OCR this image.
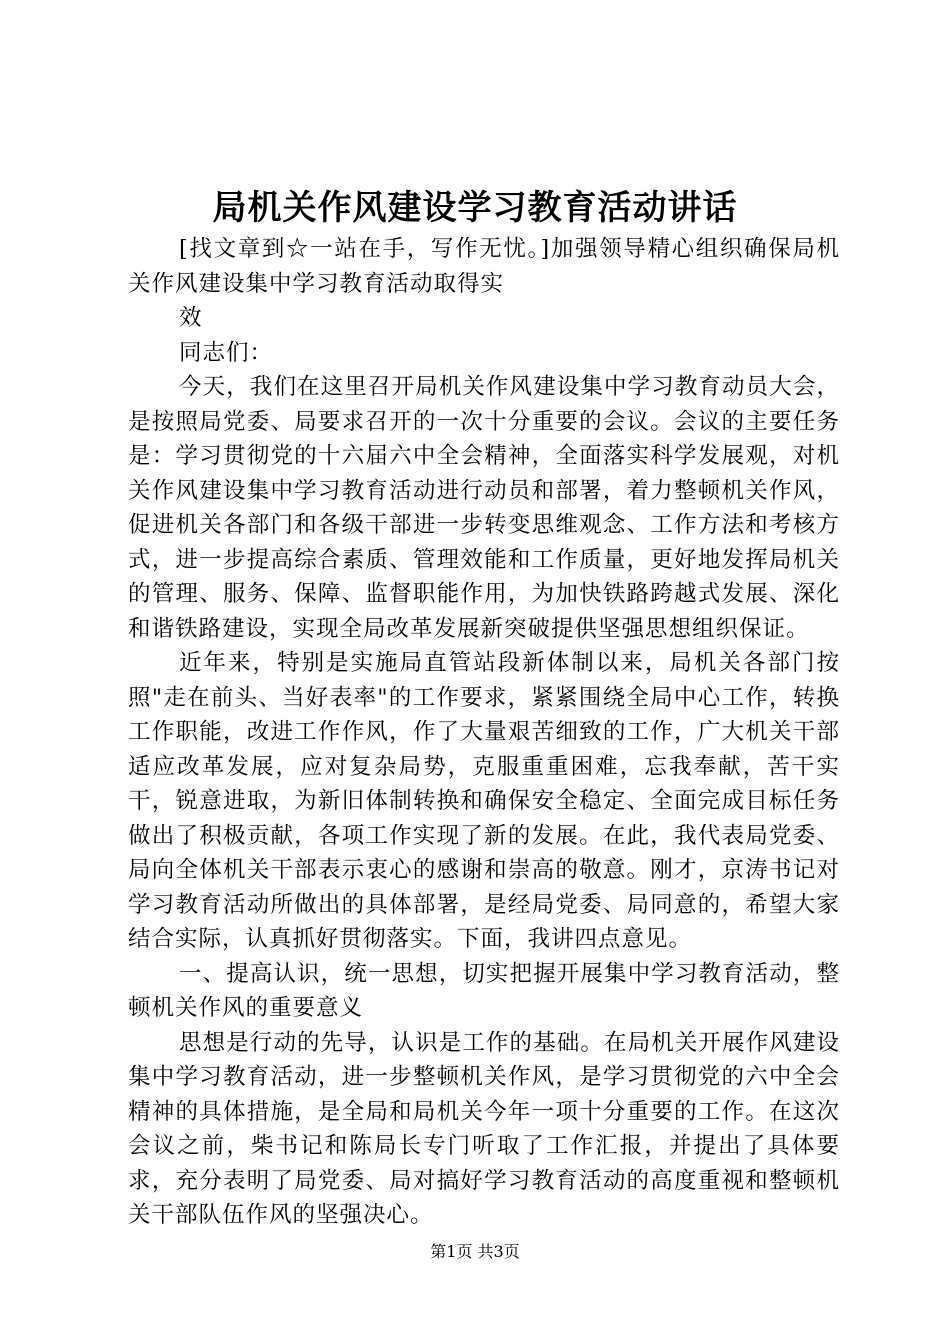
局机关作风建设学习教育活动讲话

[找文章到☆一站在手，写作无忧。]加强领导精心组织确保局机关作风建设集中学习教育活动取得实

效

同志们：

今天，我们在这里召开局机关作风建设集中学习教育动员大会，是按照局党委、局要求召开的一次十分重要的会议。会议的主要任务是：学习贯彻党的十六届六中全会精神，全面落实科学发展观，对机关作风建设集中学习教育活动进行动员和部署，着力整顿机关作风，促进机关各部门和各级干部进一步转变思维观念、工作方法和考核方式，进一步提高综合素质、管理效能和工作质量，更好地发挥局机关的管理、服务、保障、监督职能作用，为加快铁路跨越式发展、深化和谐铁路建设，实现全局改革发展新突破提供坚强思想组织保证。

近年来，特别是实施局直管站段新体制以来，局机关各部门按照"走在前头、当好表率"的工作要求，紧紧围绕全局中心工作，转换工作职能，改进工作作风，作了大量艰苦细致的工作，广大机关干部适应改革发展，应对复杂局势，克服重重困难，忘我奉献，苦干实干，锐意进取，为新旧体制转换和确保安全稳定、全面完成目标任务做出了积极贡献，各项工作实现了新的发展。在此，我代表局党委、局向全体机关干部表示衷心的感谢和崇高的敬意。刚才，京涛书记对学习教育活动所做出的具体部署，是经局党委、局同意的，希望大家结合实际，认真抓好贯彻落实。下面，我讲四点意见。

一、提高认识，统一思想，切实把握开展集中学习教育活动，整顿机关作风的重要意义

思想是行动的先导，认识是工作的基础。在局机关开展作风建设集中学习教育活动，进一步整顿机关作风，是学习贯彻党的六中全会精神的具体措施，是全局和局机关今年一项十分重要的工作。在这次会议之前，柴书记和陈局长专门听取了工作汇报，并提出了具体要求，充分表明了局党委、局对搞好学习教育活动的高度重视和整顿机关干部队伍作风的坚强决心。

第1页 共3页
